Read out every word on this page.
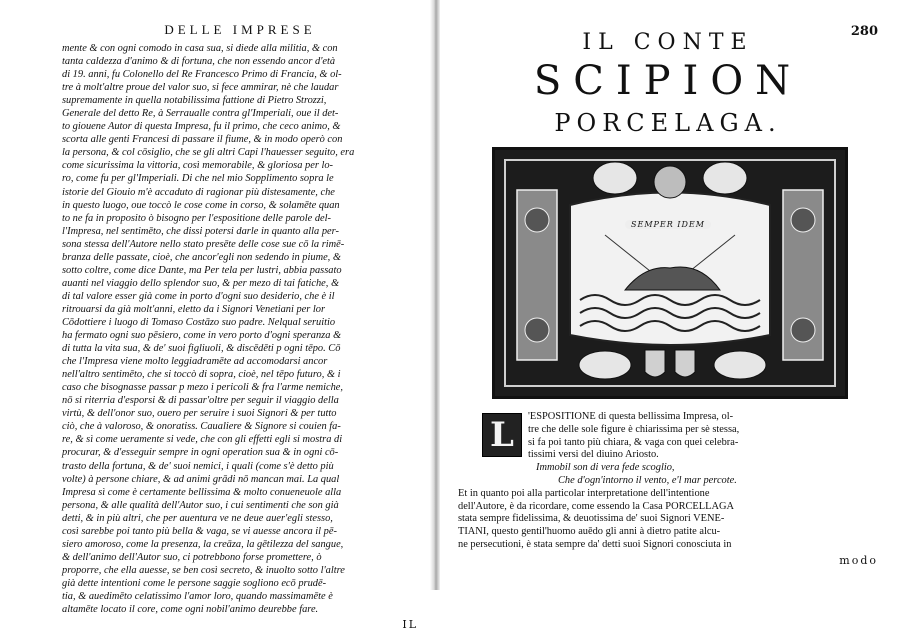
DELLE IMPRESE

mente & con ogni comodo in casa sua, si diede alla militia, & con

tanta caldezza d'animo & di fortuna, che non essendo ancor d'età

di 19. anni, fu Colonello del Re Francesco Primo di Francia, & ol-

tre à molt'altre proue del valor suo, si fece ammirar, nè che laudar

supremamente in quella notabilissima fattione di Pietro Strozzi,

Generale del detto Re, à Serraualle contra gl'Imperiali, oue il det-

to giouene Autor di questa Impresa, fu il primo, che ceco animo, &

scorta alle genti Francesi di passare il fiume, & in modo operò con

la persona, & col cōsiglio, che se gli altri Capi l'hauesser seguito, era

come sicurissima la vittoria, così memorabile, & gloriosa per lo-

ro, come fu per gl'Imperiali. Di che nel mio Sopplimento sopra le

istorie del Giouio m'è accaduto di ragionar più distesamente, che

in questo luogo, oue toccò le cose come in corso, & solamēte quan

to ne fa in proposito ò bisogno per l'espositione delle parole del-

l'Impresa, nel sentimēto, che dissi potersi darle in quanto alla per-

sona stessa dell'Autore nello stato presēte delle cose sue cō la rimē-

branza delle passate, cioè, che ancor'egli non sedendo in piume, &

sotto coltre, come dice Dante, ma Per tela per lustri, abbia passato

auanti nel viaggio dello splendor suo, & per mezo di tai fatiche, &

di tal valore esser già come in porto d'ogni suo desiderio, che è il

ritrouarsi da già molt'anni, eletto da i Signori Venetiani per lor

Cōdottiere i luogo di Tomaso Costāzo suo padre. Nelqual seruitio

ha fermato ogni suo pēsiero, come in vero porto d'ogni speranza &

di tutta la vita sua, & de' suoi figliuoli, & discēdēti p ogni tēpo. Cō

che l'Impresa viene molto leggiadramēte ad accomodarsi ancor

nell'altro sentimēto, che si toccò di sopra, cioè, nel tēpo futuro, & i

caso che bisognasse passar p mezo i pericoli & fra l'arme nemiche,

nō si riterria d'esporsi & di passar'oltre per seguir il viaggio della

virtù, & dell'onor suo, ouero per seruire i suoi Signori & per tutto

ciò, che à valoroso, & onoratiss. Caualiere & Signore si couien fa-

re, & sì come ueramente si vede, che con gli effetti egli si mostra di

procurar, & d'esseguir sempre in ogni operation sua & in ogni cō-

trasto della fortuna, & de' suoi nemici, i quali (come s'è detto più

volte) à persone chiare, & ad animi grādi nō mancan mai. La qual

Impresa sì come è certamente bellissima & molto conueneuole alla

persona, & alle qualità dell'Autor suo, i cui sentimenti che son già

detti, & in più altri, che per auentura ve ne deue auer'egli stesso,

così sarebbe poi tanto più bella & vaga, se vi auesse ancora il pē-

siero amoroso, come la presenza, la creāza, la gētilezza del sangue,

& dell'animo dell'Autor suo, ci potrebbono forse promettere, ò

proporre, che ella auesse, se ben così secreto, & inuolto sotto l'altre

già dette intentioni come le persone saggie sogliono ecō prudē-

tia, & auedimēto celatissimo l'amor loro, quando massimamēte è

altamēte locato il core, come ogni nobil'animo deurebbe fare.

IL
280
IL CONTE
SCIPION
PORCELAGA.
SEMPER IDEM
L	'ESPOSITIONE di questa bellissima Impresa, ol-

tre che delle sole figure è chiarissima per sè stessa,

si fa poi tanto più chiara, & vaga con quei celebra-

tissimi versi del diuino Ariosto.

Immobil son di vera fede scoglio,

Che d'ogn'intorno il vento, e'l mar percote.

Et in quanto poi alla particolar interpretatione dell'intentione

dell'Autore, è da ricordare, come essendo la Casa PORCELLAGA

stata sempre fidelissima, & deuotissima de' suoi Signori VENE-

TIANI, questo gentil'huomo auēdo gli anni à dietro patite alcu-

ne persecutioni, è stata sempre da' detti suoi Signori conosciuta in

modo
